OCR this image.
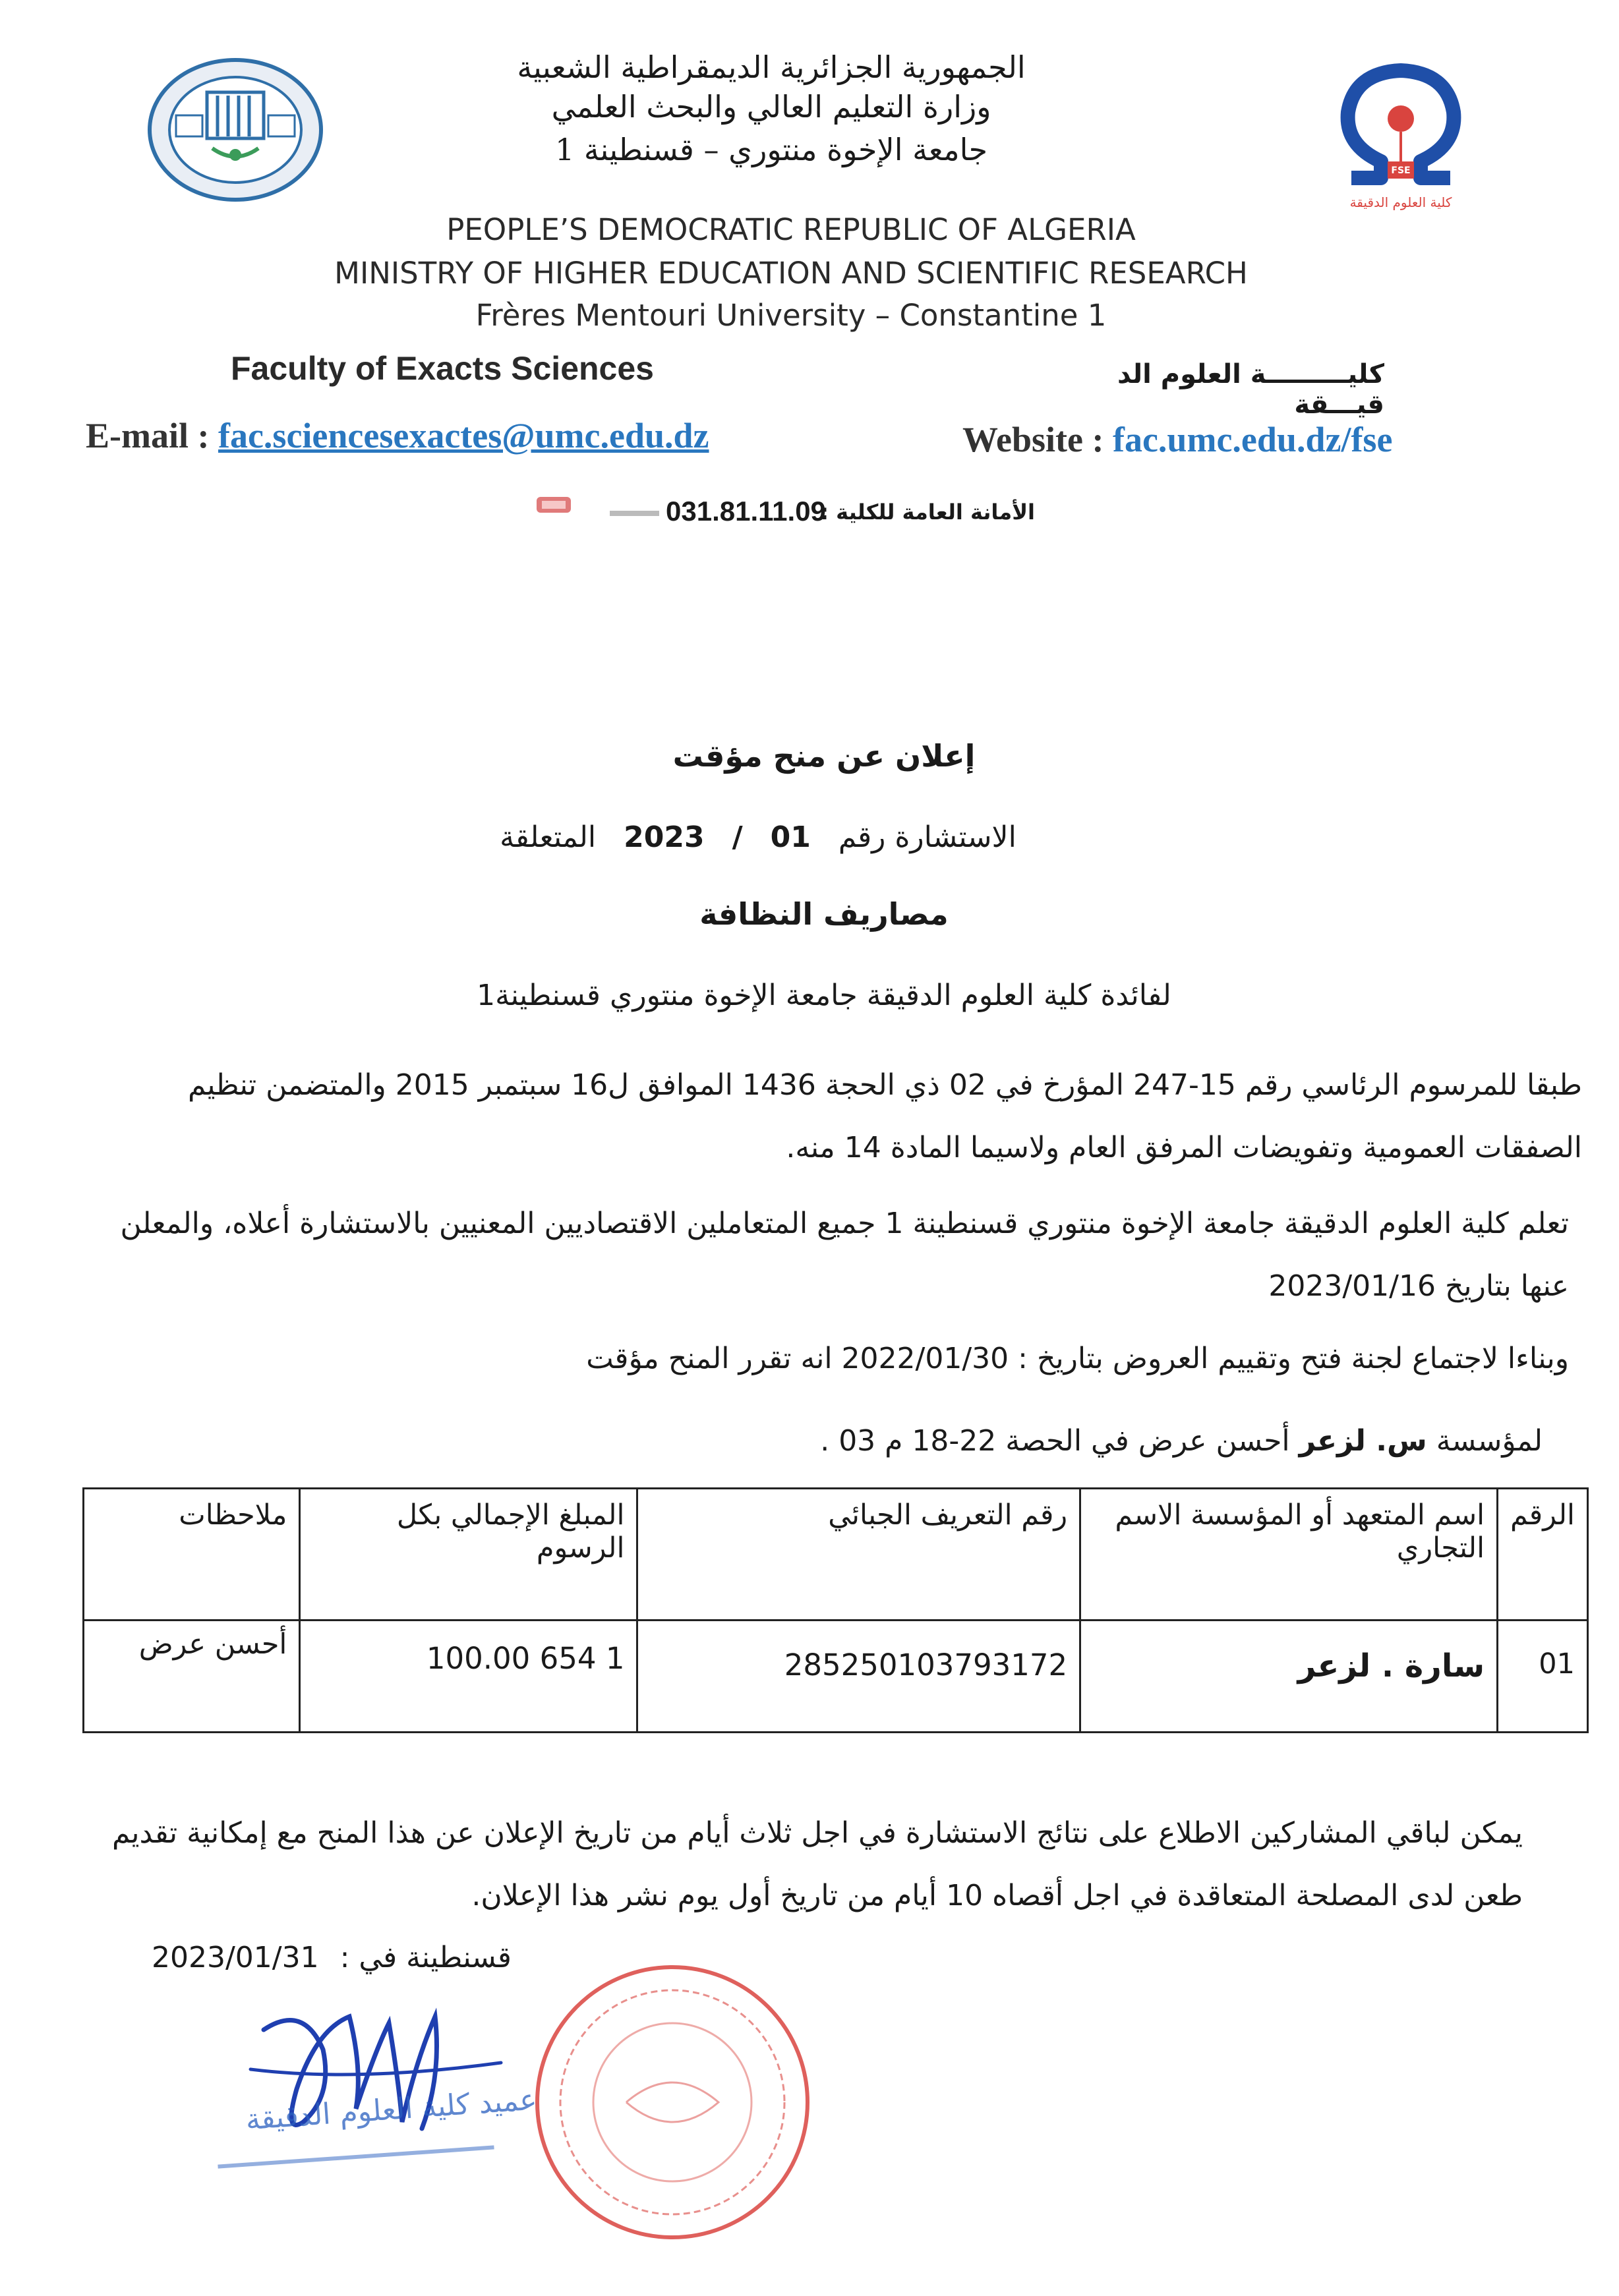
كلية العلوم الدقيقة
FSE
الجمهورية الجزائرية الديمقراطية الشعبية
وزارة التعليم العالي والبحث العلمي
جامعة الإخوة منتوري – قسنطينة 1
PEOPLE’S DEMOCRATIC REPUBLIC OF ALGERIA
MINISTRY OF HIGHER EDUCATION AND SCIENTIFIC RESEARCH
Frères Mentouri University – Constantine 1
Faculty of Exacts Sciences	كليـــــــــة العلوم الد قيـــقة
E-mail : fac.sciencesexactes@umc.edu.dz	Website : fac.umc.edu.dz/fse
031.81.11.09
الأمانة العامة للكلية :
إعلان عن منح مؤقت
الاستشارة رقم   01   /   2023   المتعلقة
مصاريف النظافة
لفائدة كلية العلوم الدقيقة جامعة الإخوة منتوري قسنطينة1
طبقا للمرسوم الرئاسي رقم 15-247 المؤرخ في 02 ذي الحجة 1436 الموافق ل16 سبتمبر 2015 والمتضمن تنظيم
الصفقات العمومية وتفويضات المرفق العام ولاسيما المادة 14 منه.
تعلم كلية العلوم الدقيقة جامعة الإخوة منتوري قسنطينة 1 جميع المتعاملين الاقتصاديين المعنيين بالاستشارة أعلاه، والمعلن
عنها بتاريخ 2023/01/16
وبناءا لاجتماع لجنة فتح وتقييم العروض بتاريخ : 2022/01/30 انه تقرر المنح مؤقت
لمؤسسة س. لزعر أحسن عرض في الحصة 22-18 م 03 .
الرقم	اسم المتعهد أو المؤسسة الاسم التجاري	رقم التعريف الجبائي	المبلغ الإجمالي بكل الرسوم	ملاحظات
01	سارة . لزعر	285250103793172	1 654 100.00	أحسن عرض
يمكن لباقي المشاركين الاطلاع على نتائج الاستشارة في اجل ثلاث أيام من تاريخ الإعلان عن هذا المنح مع إمكانية تقديم
طعن لدى المصلحة المتعاقدة في اجل أقصاه 10 أيام من تاريخ أول يوم نشر هذا الإعلان.
2023/01/31 قسنطينة في :
عميد كلية العلوم الدقيقة
